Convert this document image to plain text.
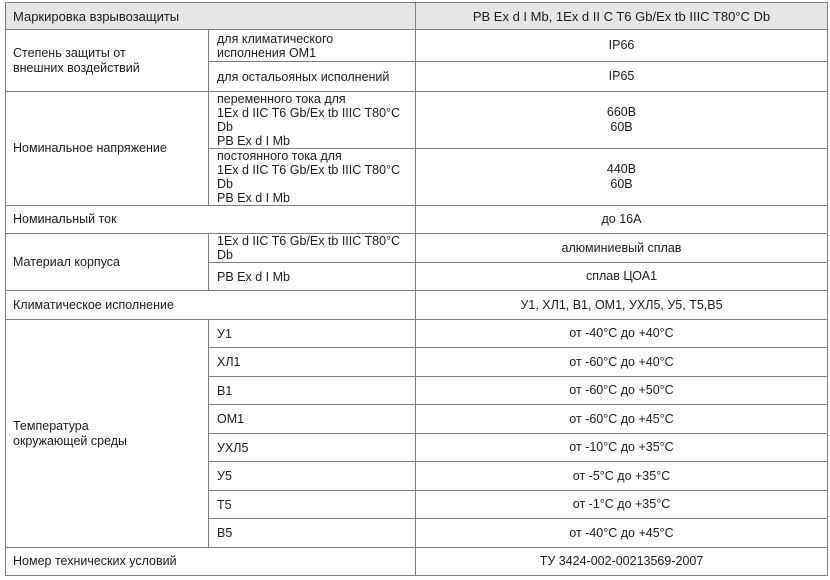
Маркировка взрывозащиты		PB Ex d I Mb, 1Ex d II C T6 Gb/Ex tb IIIC T80°C Db

Степень защиты от
внешних воздействий	для климатического
исполнения ОМ1	IP66
	для остальояных исполнений	IP65
Номинальное напряжение	переменного тока для
1Ex d IIC T6 Gb/Ex tb IIIC T80°C Db
PB Ex d I Mb	660В
60В

	постоянного тока для
1Ex d IIC T6 Gb/Ex tb IIIC T80°C Db
PB Ex d I Mb	440В
60В

Номинальный ток		до 16А
Материал корпуса	1Ex d IIC T6 Gb/Ex tb IIIC T80°C Db	алюминиевый сплав
	PB Ex d I Mb	сплав ЦОА1
Климатическое исполнение		У1, ХЛ1, В1, ОМ1, УХЛ5, У5, Т5,В5

Температура
окружающей среды	У1	от -40°С до +40°С
	ХЛ1	от -60°С до +40°С
	В1	от -60°С до +50°С
	ОМ1	от -60°С до +45°С
	УХЛ5	от -10°С до +35°С
	У5	от -5°С до +35°С
	Т5	от -1°С до +35°С
	В5	от -40°С до +45°С
Номер технических условий		ТУ 3424-002-00213569-2007
